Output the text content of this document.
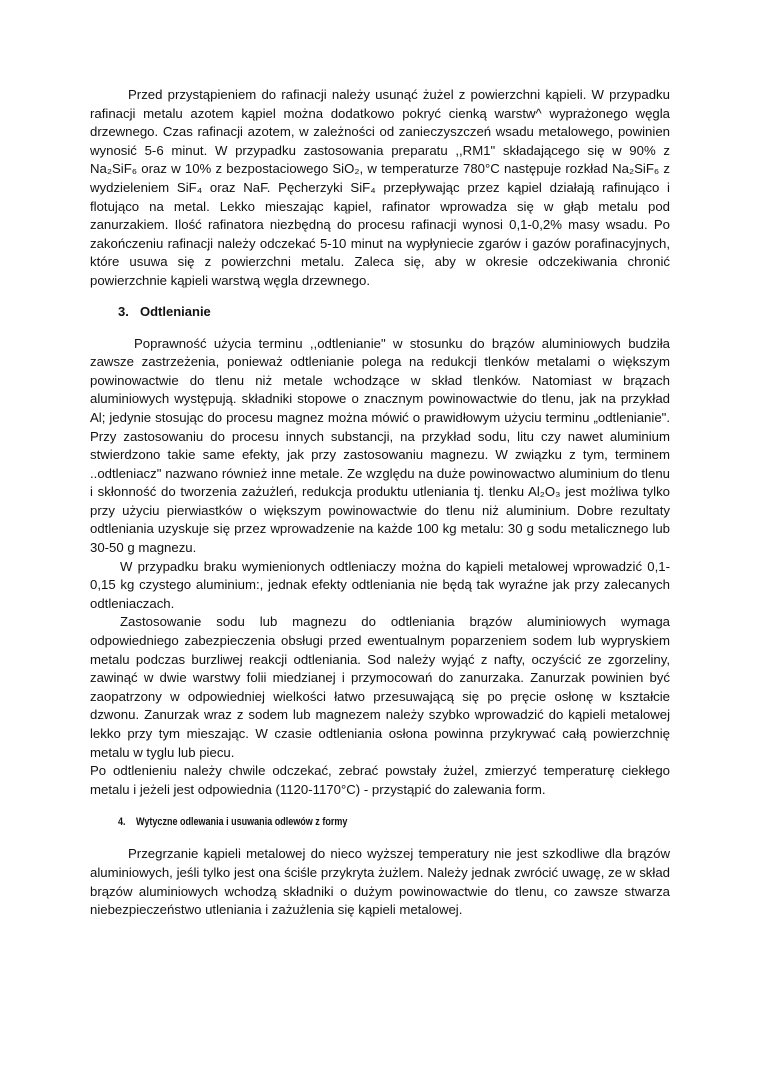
Przed przystąpieniem do rafinacji należy usunąć żużel z powierzchni kąpieli. W przypadku rafinacji metalu azotem kąpiel można dodatkowo pokryć cienką warstw^ wyprażonego węgla drzewnego. Czas rafinacji azotem, w zależności od zanieczyszczeń wsadu metalowego, powinien wynosić 5-6 minut. W przypadku zastosowania preparatu ,,RM1" składającego się w 90% z Na₂SiF₆ oraz w 10% z bezpostaciowego SiO₂, w temperaturze 780°C następuje rozkład Na₂SiF₆ z wydzieleniem SiF₄ oraz NaF. Pęcherzyki SiF₄ przepływając przez kąpiel działają rafinująco i flotująco na metal. Lekko mieszając kąpiel, rafinator wprowadza się w głąb metalu pod zanurzakiem. Ilość rafinatora niezbędną do procesu rafinacji wynosi 0,1-0,2% masy wsadu. Po zakończeniu rafinacji należy odczekać 5-10 minut na wypłyniecie zgarów i gazów porafinacyjnych, które usuwa się z powierzchni metalu. Zaleca się, aby w okresie odczekiwania chronić powierzchnie kąpieli warstwą węgla drzewnego.

3. Odtlenianie

Poprawność użycia terminu ,,odtlenianie" w stosunku do brązów aluminiowych budziła zawsze zastrzeżenia, ponieważ odtlenianie polega na redukcji tlenków metalami o większym powinowactwie do tlenu niż metale wchodzące w skład tlenków. Natomiast w brązach aluminiowych występują. składniki stopowe o znacznym powinowactwie do tlenu, jak na przykład Al; jedynie stosując do procesu magnez można mówić o prawidłowym użyciu terminu „odtlenianie". Przy zastosowaniu do procesu innych substancji, na przykład sodu, litu czy nawet aluminium stwierdzono takie same efekty, jak przy zastosowaniu magnezu. W związku z tym, terminem ..odtleniacz" nazwano również inne metale. Ze względu na duże powinowactwo aluminium do tlenu i skłonność do tworzenia zażużleń, redukcja produktu utleniania tj. tlenku Al₂O₃ jest możliwa tylko przy użyciu pierwiastków o większym powinowactwie do tlenu niż aluminium. Dobre rezultaty odtleniania uzyskuje się przez wprowadzenie na każde 100 kg metalu: 30 g sodu metalicznego lub 30-50 g magnezu.

W przypadku braku wymienionych odtleniaczy można do kąpieli metalowej wprowadzić 0,1-0,15 kg czystego aluminium:, jednak efekty odtleniania nie będą tak wyraźne jak przy zalecanych odtleniaczach.

Zastosowanie sodu lub magnezu do odtleniania brązów aluminiowych wymaga odpowiedniego zabezpieczenia obsługi przed ewentualnym poparzeniem sodem lub wypryskiem metalu podczas burzliwej reakcji odtleniania. Sod należy wyjąć z nafty, oczyścić ze zgorzeliny, zawinąć w dwie warstwy folii miedzianej i przymocowań do zanurzaka. Zanurzak powinien być zaopatrzony w odpowiedniej wielkości łatwo przesuwającą się po pręcie osłonę w kształcie dzwonu. Zanurzak wraz z sodem lub magnezem należy szybko wprowadzić do kąpieli metalowej lekko przy tym mieszając. W czasie odtleniania osłona powinna przykrywać całą powierzchnię metalu w tyglu lub piecu.

Po odtlenieniu należy chwile odczekać, zebrać powstały żużel, zmierzyć temperaturę ciekłego metalu i jeżeli jest odpowiednia (1120-1170°C) - przystąpić do zalewania form.

4. Wytyczne odlewania i usuwania odlewów z formy

Przegrzanie kąpieli metalowej do nieco wyższej temperatury nie jest szkodliwe dla brązów aluminiowych, jeśli tylko jest ona ściśle przykryta żużlem. Należy jednak zwrócić uwagę, ze w skład brązów aluminiowych wchodzą składniki o dużym powinowactwie do tlenu, co zawsze stwarza niebezpieczeństwo utleniania i zażużlenia się kąpieli metalowej.
